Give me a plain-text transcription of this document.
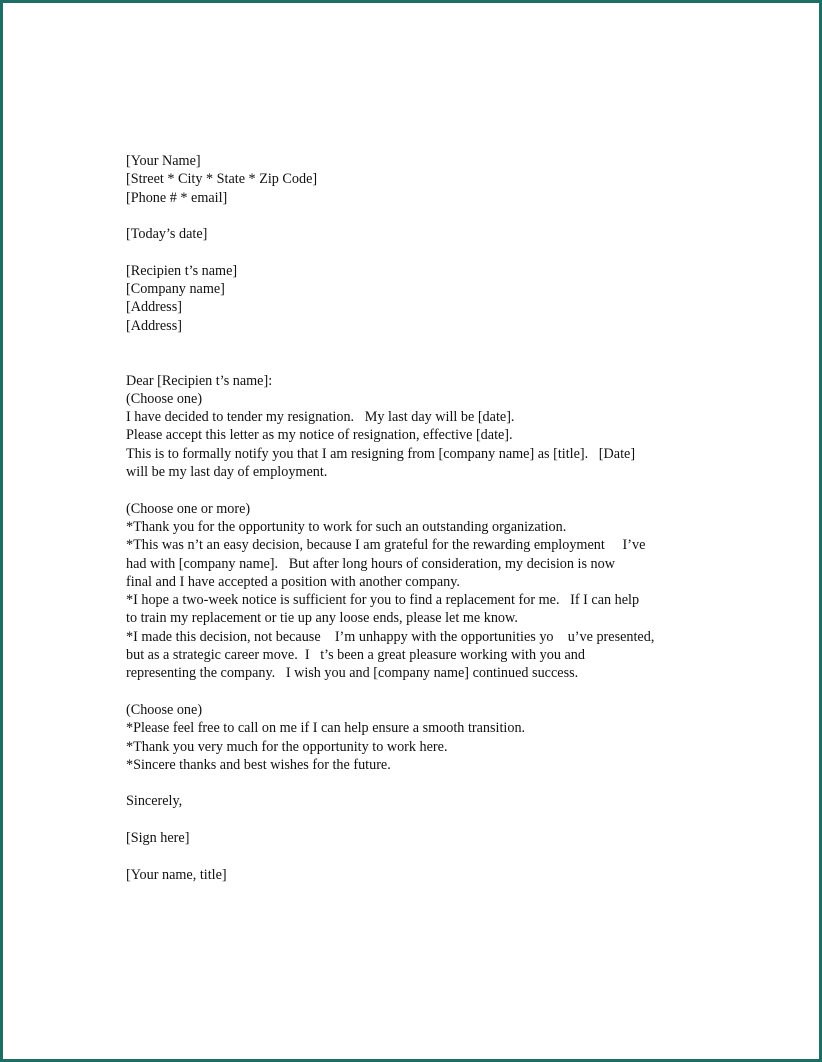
[Your Name]
[Street * City * State * Zip Code]
[Phone # * email]
[Today’s date]
[Recipien t’s name]
[Company name]
[Address]
[Address]
Dear [Recipien t’s name]:
(Choose one)
I have decided to tender my resignation.   My last day will be [date].
Please accept this letter as my notice of resignation, effective [date].
This is to formally notify you that I am resigning from [company name] as [title].   [Date]
will be my last day of employment.
(Choose one or more)
*Thank you for the opportunity to work for such an outstanding organization.
*This was n’t an easy decision, because I am grateful for the rewarding employment     I’ve
had with [company name].   But after long hours of consideration, my decision is now
final and I have accepted a position with another company.
*I hope a two-week notice is sufficient for you to find a replacement for me.   If I can help
to train my replacement or tie up any loose ends, please let me know.
*I made this decision, not because    I’m unhappy with the opportunities yo    u’ve presented,
but as a strategic career move.  I   t’s been a great pleasure working with you and
representing the company.   I wish you and [company name] continued success.
(Choose one)
*Please feel free to call on me if I can help ensure a smooth transition.
*Thank you very much for the opportunity to work here.
*Sincere thanks and best wishes for the future.
Sincerely,
[Sign here]
[Your name, title]
